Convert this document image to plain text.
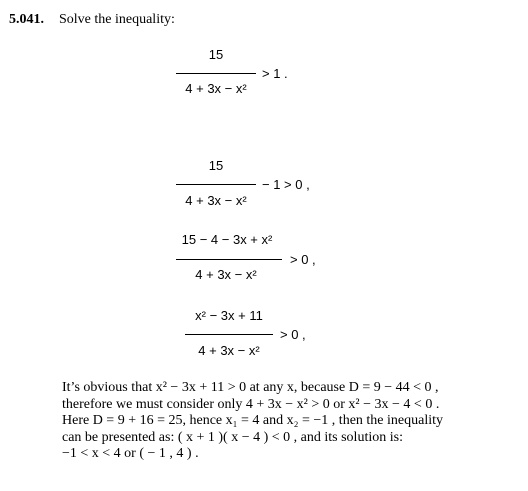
5.041. Solve the inequality:
15
> 1 .
4 + 3x − x²
15
− 1 > 0 ,
4 + 3x − x²
15 − 4 − 3x + x²
> 0 ,
4 + 3x − x²
x² − 3x + 11
> 0 ,
4 + 3x − x²
It’s obvious that x² − 3x + 11 > 0 at any x, because D = 9 − 44 < 0 ,
therefore we must consider only 4 + 3x − x² > 0 or x² − 3x − 4 < 0 .
Here D = 9 + 16 = 25, hence x₁ = 4 and x₂ = −1 , then the inequality
can be presented as: ( x + 1 )( x − 4 ) < 0 , and its solution is:
−1 < x < 4 or ( − 1 , 4 ) .
